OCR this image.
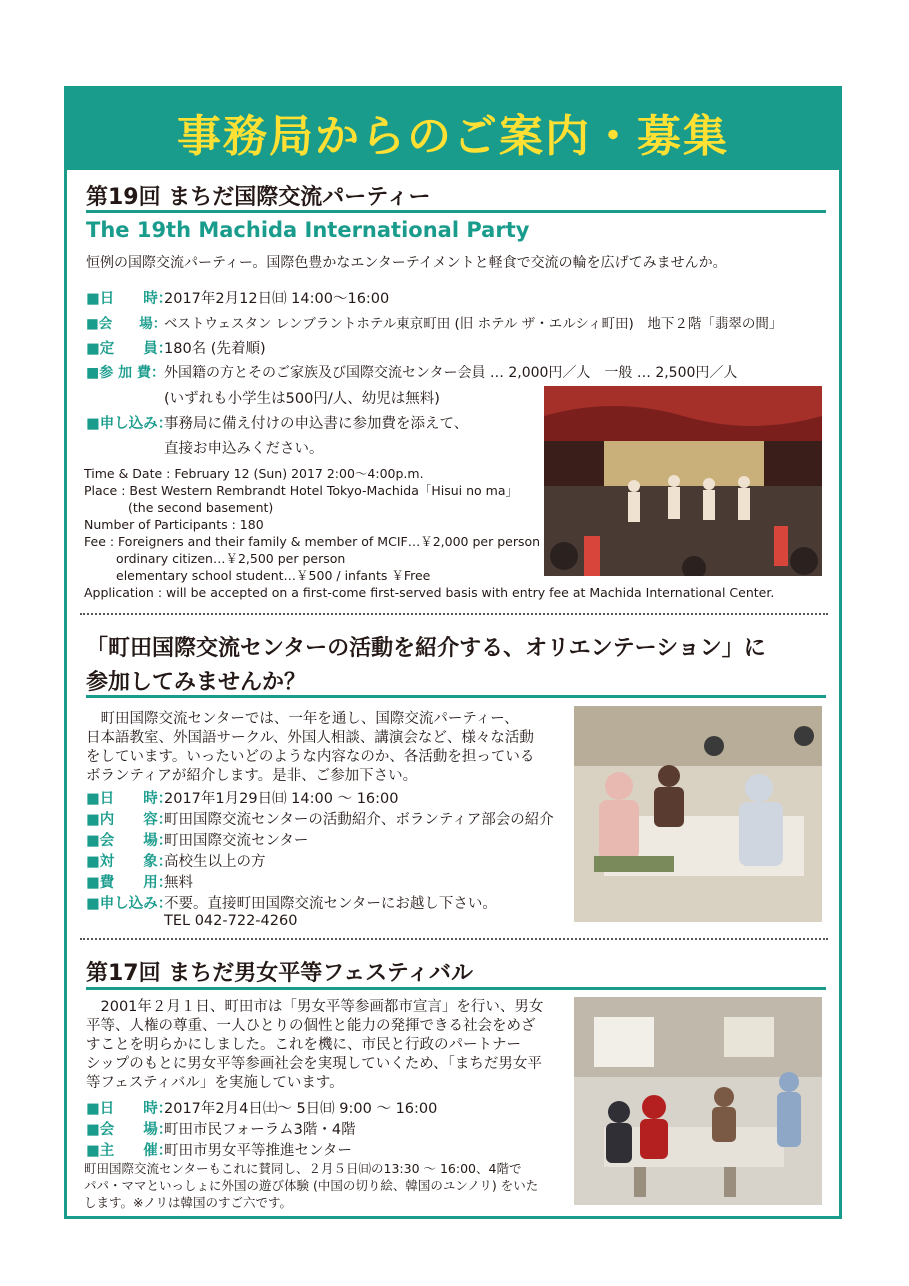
事務局からのご案内・募集
第19回 まちだ国際交流パーティー
The 19th Machida International Party
恒例の国際交流パーティー。国際色豊かなエンターテイメントと軽食で交流の輪を広げてみませんか。
■日　　時：2017年2月12日㈰ 14:00〜16:00
■会　　場：ベストウェスタン レンブラントホテル東京町田 (旧 ホテル ザ・エルシィ町田)　地下２階「翡翠の間」
■定　　員：180名 (先着順)
■参 加 費：外国籍の方とそのご家族及び国際交流センター会員 … 2,000円／人　一般 … 2,500円／人
(いずれも小学生は500円/人、幼児は無料)
■申し込み：事務局に備え付けの申込書に参加費を添えて、
直接お申込みください。
Time & Date : February 12 (Sun) 2017 2:00〜4:00p.m.
Place : Best Western Rembrandt Hotel Tokyo-Machida「Hisui no ma」
(the second basement)
Number of Participants : 180
Fee : Foreigners and their family & member of MCIF…￥2,000 per person
ordinary citizen…￥2,500 per person
elementary school student…￥500 / infants ￥Free
Application : will be accepted on a first-come first-served basis with entry fee at Machida International Center.
「町田国際交流センターの活動を紹介する、オリエンテーション」に
参加してみませんか？
　町田国際交流センターでは、一年を通し、国際交流パーティー、
日本語教室、外国語サークル、外国人相談、講演会など、様々な活動
をしています。いったいどのような内容なのか、各活動を担っている
ボランティアが紹介します。是非、ご参加下さい。
■日　　時：2017年1月29日㈰ 14:00 〜 16:00
■内　　容：町田国際交流センターの活動紹介、ボランティア部会の紹介
■会　　場：町田国際交流センター
■対　　象：高校生以上の方
■費　　用：無料
■申し込み：不要。直接町田国際交流センターにお越し下さい。
TEL 042-722-4260
第17回 まちだ男女平等フェスティバル
　2001年２月１日、町田市は「男女平等参画都市宣言」を行い、男女
平等、人権の尊重、一人ひとりの個性と能力の発揮できる社会をめざ
すことを明らかにしました。これを機に、市民と行政のパートナー
シップのもとに男女平等参画社会を実現していくため、「まちだ男女平
等フェスティバル」を実施しています。
■日　　時：2017年2月4日㈯〜 5日㈰ 9:00 〜 16:00
■会　　場：町田市民フォーラム3階・4階
■主　　催：町田市男女平等推進センター
町田国際交流センターもこれに賛同し、２月５日㈰の13:30 〜 16:00、4階で
パパ・ママといっしょに外国の遊び体験 (中国の切り絵、韓国のユンノリ) をいた
します。※ノリは韓国のすご六です。
